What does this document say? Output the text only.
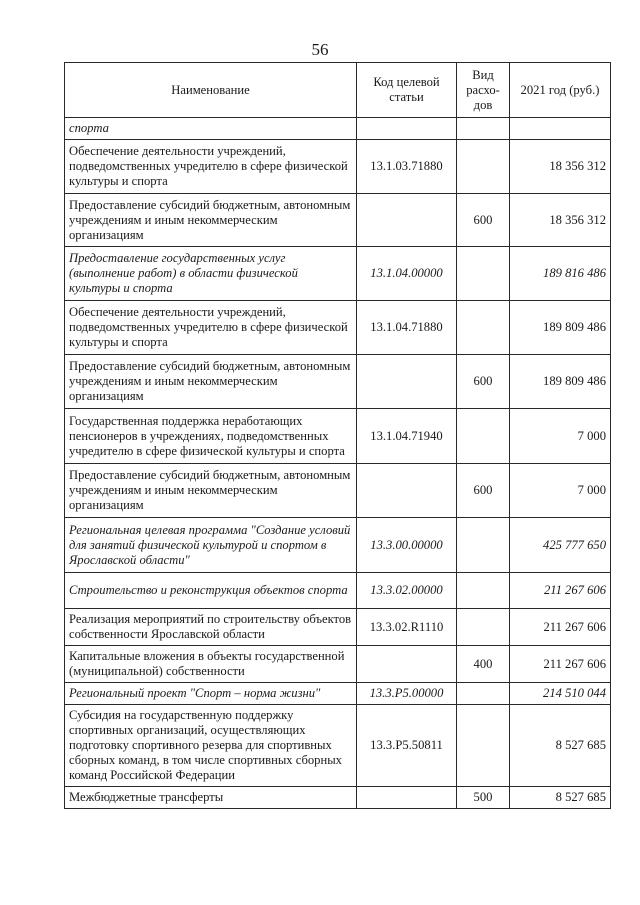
56
Наименование	Код целевой статьи	Вид расхо-дов	2021 год (руб.)
спорта			
Обеспечение деятельности учреждений, подведомственных учредителю в сфере физической культуры и спорта	13.1.03.71880		18 356 312
Предоставление субсидий бюджетным, автономным учреждениям и иным некоммерческим организациям		600	18 356 312
Предоставление государственных услуг (выполнение работ) в области физической культуры и спорта	13.1.04.00000		189 816 486
Обеспечение деятельности учреждений, подведомственных учредителю в сфере физической культуры и спорта	13.1.04.71880		189 809 486
Предоставление субсидий бюджетным, автономным учреждениям и иным некоммерческим организациям		600	189 809 486
Государственная поддержка неработающих пенсионеров в учреждениях, подведомственных учредителю в сфере физической культуры и спорта	13.1.04.71940		7 000
Предоставление субсидий бюджетным, автономным учреждениям и иным некоммерческим организациям		600	7 000
Региональная целевая программа "Создание условий для занятий физической культурой и спортом в Ярославской области"	13.3.00.00000		425 777 650
Строительство и реконструкция объектов спорта	13.3.02.00000		211 267 606
Реализация мероприятий по строительству объектов собственности Ярославской области	13.3.02.R1110		211 267 606
Капитальные вложения в объекты государственной (муниципальной) собственности		400	211 267 606
Региональный проект "Спорт – норма жизни"	13.3.P5.00000		214 510 044
Субсидия на государственную поддержку спортивных организаций, осуществляющих подготовку спортивного резерва для спортивных сборных команд, в том числе спортивных сборных команд Российской Федерации	13.3.P5.50811		8 527 685
Межбюджетные трансферты		500	8 527 685
